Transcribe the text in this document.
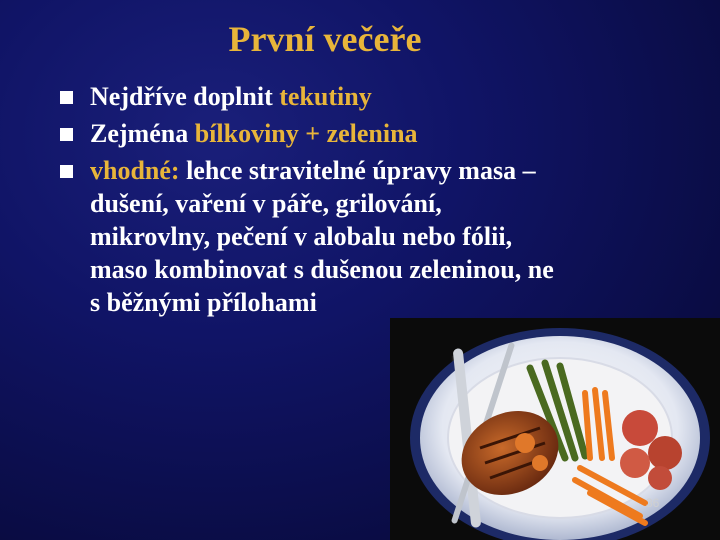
První večeře
Nejdříve doplnit tekutiny
Zejména bílkoviny + zelenina
vhodné: lehce stravitelné úpravy masa –
dušení, vaření v páře, grilování,
mikrovlny, pečení v alobalu nebo fólii,
maso kombinovat s dušenou zeleninou, ne
s běžnými přílohami
36
